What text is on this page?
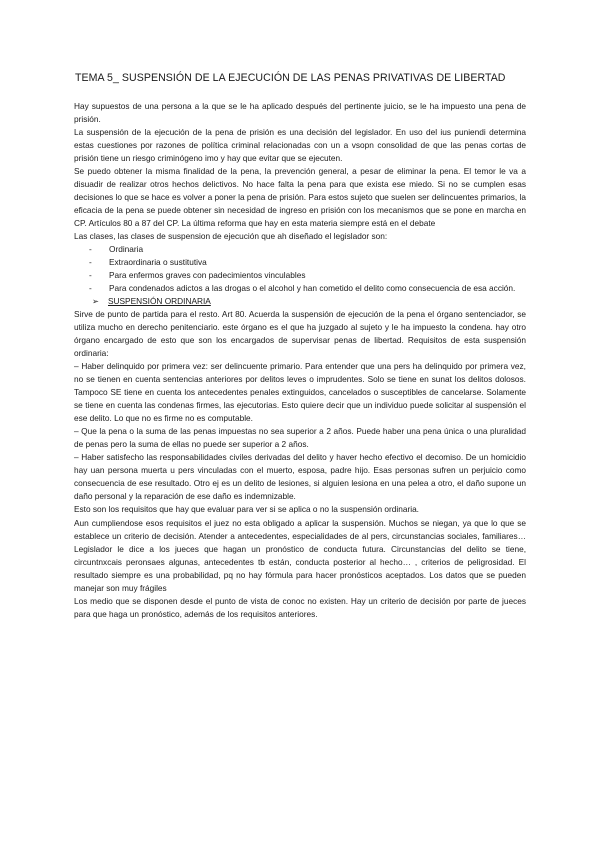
TEMA 5_ SUSPENSIÓN DE LA EJECUCIÓN DE LAS PENAS PRIVATIVAS DE LIBERTAD

Hay supuestos de una persona a la que se le ha aplicado después del pertinente juicio, se le ha impuesto una pena de prisión.

La suspensión de la ejecución de la pena de prisión es una decisión del legislador. En uso del ius puniendi determina estas cuestiones por razones de política criminal relacionadas con un a vsopn consolidad de que las penas cortas de prisión tiene un riesgo criminógeno imo y hay que evitar que se ejecuten.

Se puedo obtener la misma finalidad de la pena, la prevención general, a pesar de eliminar la pena. El temor le va a disuadir de realizar otros hechos delictivos. No hace falta la pena para que exista ese miedo. Si no se cumplen esas decisiones lo que se hace es volver a poner la pena de prisión. Para estos sujeto que suelen ser delincuentes primarios, la eficacia de la pena se puede obtener sin necesidad de ingreso en prisión con los mecanismos que se pone en marcha en CP. Artículos 80 a 87 del CP. La última reforma que hay en esta materia siempre está en el debate

Las clases, las clases de suspension de ejecución que ah diseñado el legislador son:

- Ordinaria
- Extraordinaria o sustitutiva
- Para enfermos graves con padecimientos vinculables
- Para condenados adictos a las drogas o el alcohol y han cometido el delito como consecuencia de esa acción.

➢ SUSPENSIÓN ORDINARIA

Sirve de punto de partida para el resto. Art 80. Acuerda la suspensión de ejecución de la pena el órgano sentenciador, se utiliza mucho en derecho penitenciario. este órgano es el que ha juzgado al sujeto y le ha impuesto la condena. hay otro órgano encargado de esto que son los encargados de supervisar penas de libertad. Requisitos de esta suspensión ordinaria:

– Haber delinquido por primera vez: ser delincuente primario. Para entender que una pers ha delinquido por primera vez, no se tienen en cuenta sentencias anteriores por delitos leves o imprudentes. Solo se tiene en sunat los delitos dolosos. Tampoco SE tiene en cuenta los antecedentes penales extinguidos, cancelados o susceptibles de cancelarse. Solamente se tiene en cuenta las condenas firmes, las ejecutorias. Esto quiere decir que un individuo puede solicitar al suspensión el ese delito. Lo que no es firme no es computable.

– Que la pena o la suma de las penas impuestas no sea superior a 2 años. Puede haber una pena única o una pluralidad de penas pero la suma de ellas no puede ser superior a 2 años.

– Haber satisfecho las responsabilidades civiles derivadas del delito y haver hecho efectivo el decomiso. De un homicidio hay uan persona muerta u pers vinculadas con el muerto, esposa, padre hijo. Esas personas sufren un perjuicio como consecuencia de ese resultado. Otro ej es un delito de lesiones, si alguien lesiona en una pelea a otro, el daño supone un daño personal y la reparación de ese daño es indemnizable.

Esto son los requisitos que hay que evaluar para ver si se aplica o no la suspensión ordinaria.

Aun cumpliendose esos requisitos el juez no esta obligado a aplicar la suspensión. Muchos se niegan, ya que lo que se establece un criterio de decisión. Atender a antecedentes, especialidades de al pers, circunstancias sociales, familiares… Legislador le dice a los jueces que hagan un pronóstico de conducta futura. Circunstancias del delito se tiene, circuntnxcais peronsaes algunas, antecedentes tb están, conducta posterior al hecho… , criterios de peligrosidad. El resultado siempre es una probabilidad, pq no hay fórmula para hacer pronósticos aceptados. Los datos que se pueden manejar son muy frágiles

Los medio que se disponen desde el punto de vista de conoc no existen. Hay un criterio de decisión por parte de jueces para que haga un pronóstico, además de los requisitos anteriores.
